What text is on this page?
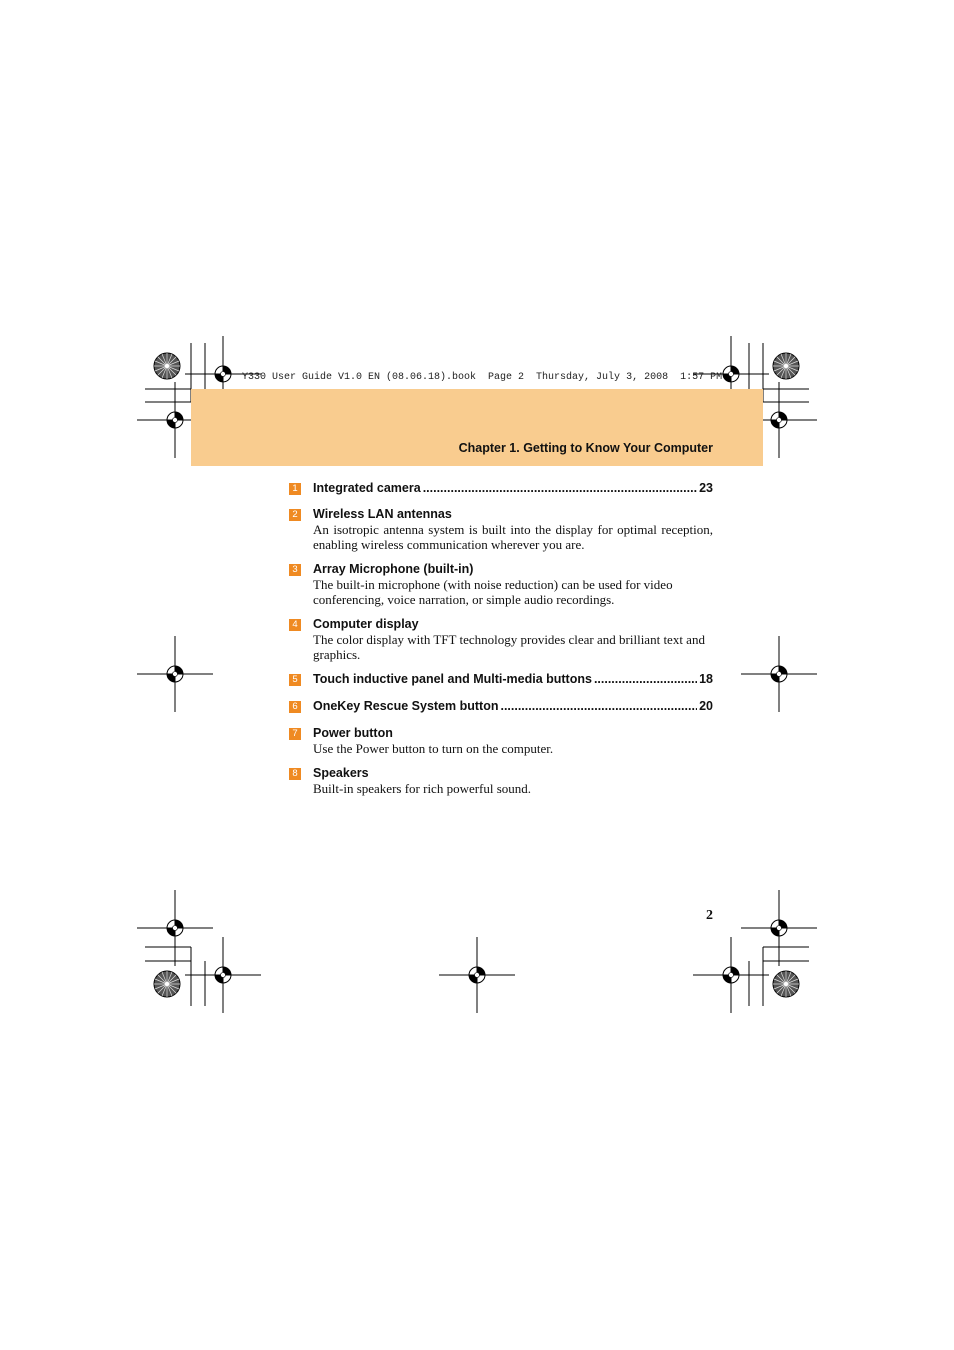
Y330 User Guide V1.0 EN (08.06.18).book  Page 2  Thursday, July 3, 2008  1:57 PM
Chapter 1. Getting to Know Your Computer
1 Integrated camera .....	23
2 Wireless LAN antennas
An isotropic antenna system is built into the display for optimal reception, enabling wireless communication wherever you are.
3 Array Microphone (built-in)
The built-in microphone (with noise reduction) can be used for video conferencing, voice narration, or simple audio recordings.
4 Computer display
The color display with TFT technology provides clear and brilliant text and graphics.
5 Touch inductive panel and Multi-media buttons .....	18
6 OneKey Rescue System button .....	20
7 Power button
Use the Power button to turn on the computer.
8 Speakers
Built-in speakers for rich powerful sound.
2
